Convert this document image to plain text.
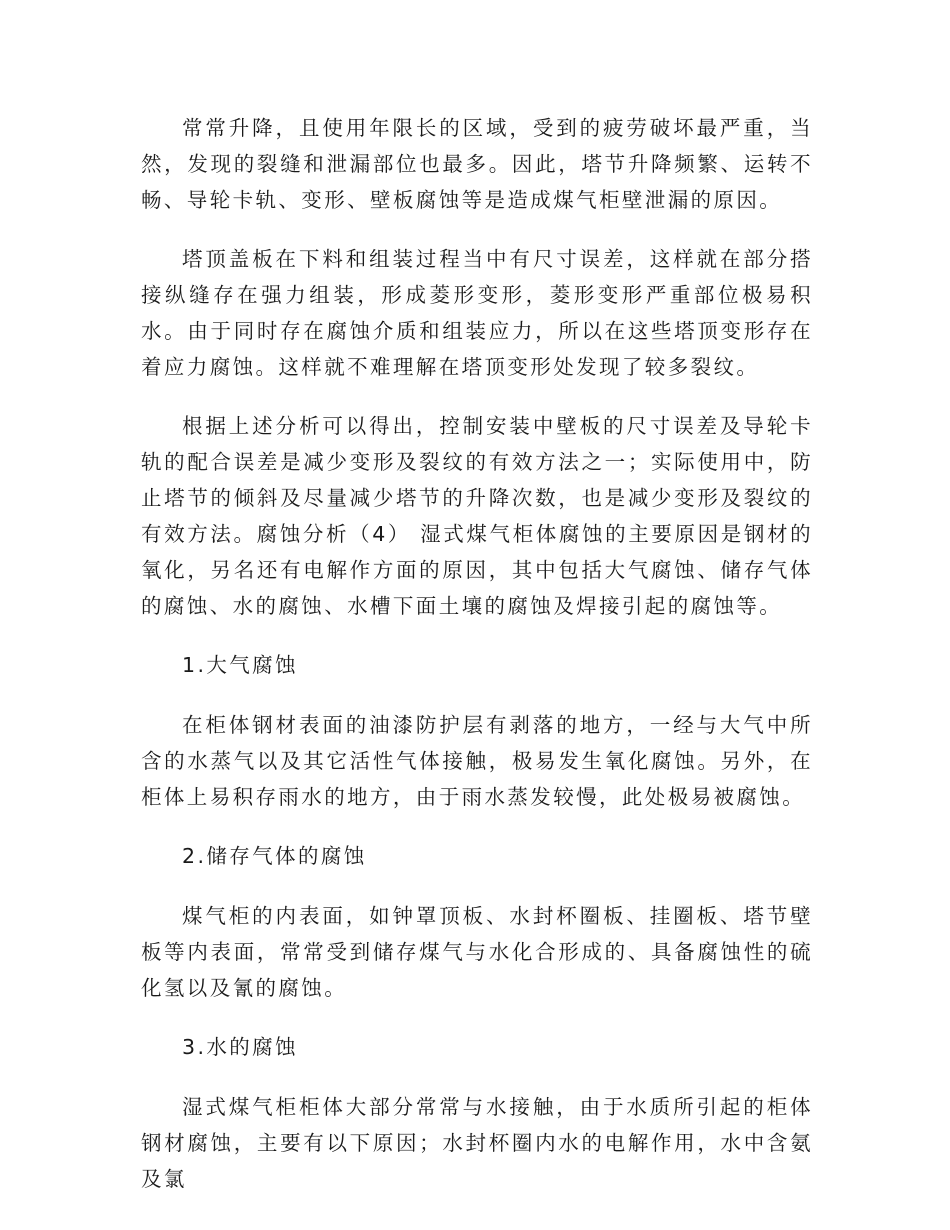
常常升降，且使用年限长的区域，受到的疲劳破坏最严重，当然，发现的裂缝和泄漏部位也最多。因此，塔节升降频繁、运转不畅、导轮卡轨、变形、壁板腐蚀等是造成煤气柜壁泄漏的原因。

塔顶盖板在下料和组装过程当中有尺寸误差，这样就在部分搭接纵缝存在强力组装，形成菱形变形，菱形变形严重部位极易积水。由于同时存在腐蚀介质和组装应力，所以在这些塔顶变形存在着应力腐蚀。这样就不难理解在塔顶变形处发现了较多裂纹。

根据上述分析可以得出，控制安装中壁板的尺寸误差及导轮卡轨的配合误差是减少变形及裂纹的有效方法之一；实际使用中，防止塔节的倾斜及尽量减少塔节的升降次数，也是减少变形及裂纹的有效方法。腐蚀分析（4） 湿式煤气柜体腐蚀的主要原因是钢材的氧化，另名还有电解作方面的原因，其中包括大气腐蚀、储存气体的腐蚀、水的腐蚀、水槽下面土壤的腐蚀及焊接引起的腐蚀等。

1.大气腐蚀

在柜体钢材表面的油漆防护层有剥落的地方，一经与大气中所含的水蒸气以及其它活性气体接触，极易发生氧化腐蚀。另外，在柜体上易积存雨水的地方，由于雨水蒸发较慢，此处极易被腐蚀。

2.储存气体的腐蚀

煤气柜的内表面，如钟罩顶板、水封杯圈板、挂圈板、塔节壁板等内表面，常常受到储存煤气与水化合形成的、具备腐蚀性的硫化氢以及氰的腐蚀。

3.水的腐蚀

湿式煤气柜柜体大部分常常与水接触，由于水质所引起的柜体钢材腐蚀，主要有以下原因；水封杯圈内水的电解作用，水中含氨及氯
